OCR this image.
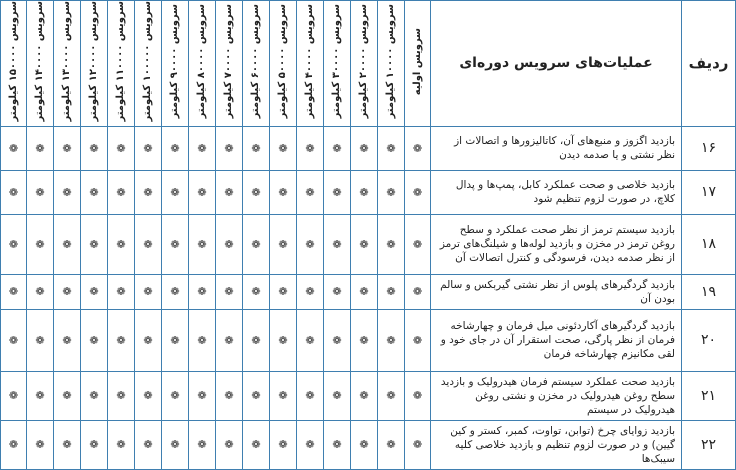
ردیف	عملیات‌های سرویس دوره‌ای	سرویس اولیه	سرویس ۱۰۰۰۰ کیلومتر	سرویس ۲۰۰۰۰ کیلومتر	سرویس ۳۰۰۰۰ کیلومتر	سرویس ۴۰۰۰۰ کیلومتر	سرویس ۵۰۰۰۰ کیلومتر	سرویس ۶۰۰۰۰ کیلومتر	سرویس ۷۰۰۰۰ کیلومتر	سرویس ۸۰۰۰۰ کیلومتر	سرویس ۹۰۰۰۰ کیلومتر	سرویس ۱۰۰۰۰۰ کیلومتر	سرویس ۱۱۰۰۰۰ کیلومتر	سرویس ۱۲۰۰۰۰ کیلومتر	سرویس ۱۳۰۰۰۰ کیلومتر	سرویس ۱۴۰۰۰۰ کیلومتر	سرویس ۱۵۰۰۰۰ کیلومتر
۱۶	بازدید اگزوز و منبع‌های آن، کاتالیزورها و اتصالات از نظر نشتی و یا صدمه دیدن	❁	❁	❁	❁	❁	❁	❁	❁	❁	❁	❁	❁	❁	❁	❁	❁
۱۷	بازدید خلاصی و صحت عملکرد کابل، پمپ‌ها و پدال کلاچ، در صورت لزوم تنظیم شود	❁	❁	❁	❁	❁	❁	❁	❁	❁	❁	❁	❁	❁	❁	❁	❁
۱۸	بازدید سیستم ترمز از نظر صحت عملکرد و سطح روغن ترمز در مخزن و بازدید لوله‌ها و شیلنگ‌های ترمز از نظر صدمه دیدن، فرسودگی و کنترل اتصالات آن	❁	❁	❁	❁	❁	❁	❁	❁	❁	❁	❁	❁	❁	❁	❁	❁
۱۹	بازدید گردگیرهای پلوس از نظر نشتی گیربکس و سالم بودن آن	❁	❁	❁	❁	❁	❁	❁	❁	❁	❁	❁	❁	❁	❁	❁	❁
۲۰	بازدید گردگیرهای آکاردئونی میل فرمان و چهارشاخه فرمان از نظر پارگی، صحت استقرار آن در جای خود و لقی مکانیزم چهارشاخه فرمان	❁	❁	❁	❁	❁	❁	❁	❁	❁	❁	❁	❁	❁	❁	❁	❁
۲۱	بازدید صحت عملکرد سیستم فرمان هیدرولیک و بازدید سطح روغن هیدرولیک در مخزن و نشتی روغن هیدرولیک در سیستم	❁	❁	❁	❁	❁	❁	❁	❁	❁	❁	❁	❁	❁	❁	❁	❁
۲۲	بازدید زوایای چرخ (توابن، تواوت، کمبر، کستر و کین گیین) و در صورت لزوم تنظیم و بازدید خلاصی کلیه سیبک‌ها	❁	❁	❁	❁	❁	❁	❁	❁	❁	❁	❁	❁	❁	❁	❁	❁
